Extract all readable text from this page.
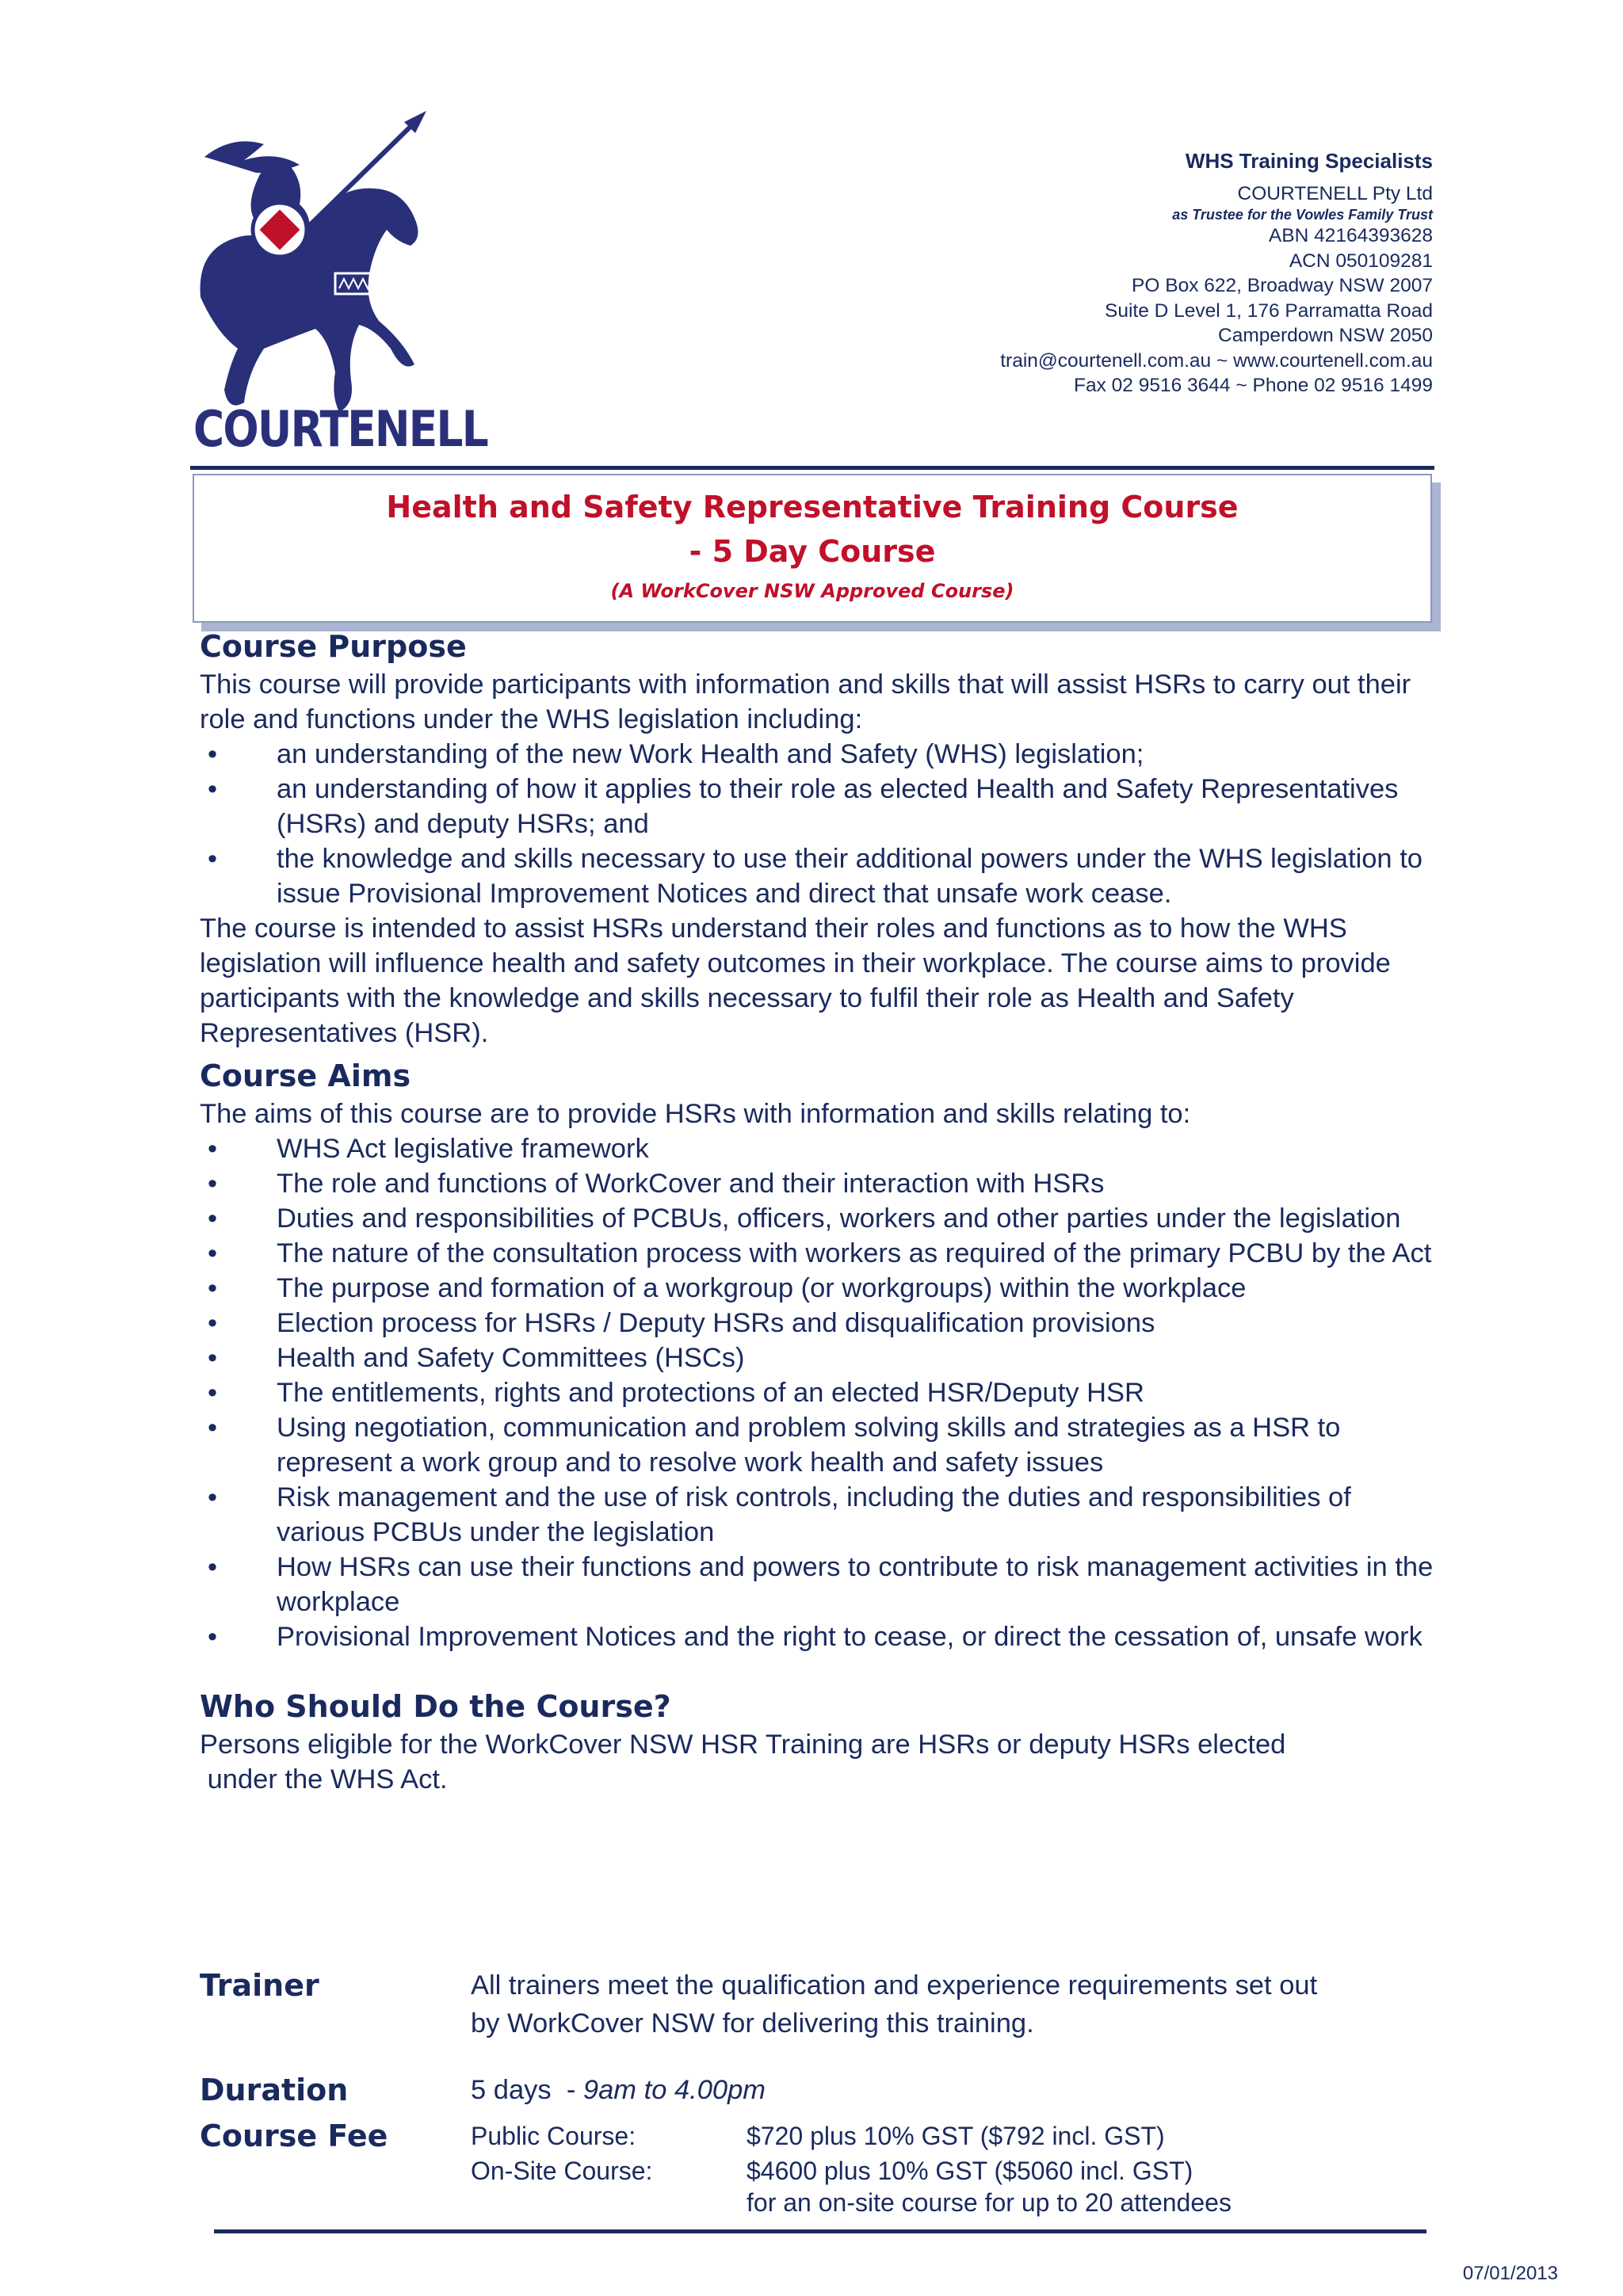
COURTENELL
WHS Training Specialists
COURTENELL Pty Ltd
as Trustee for the Vowles Family Trust
ABN 42164393628
ACN 050109281
PO Box 622, Broadway NSW 2007
Suite D Level 1, 176 Parramatta Road
Camperdown NSW 2050
train@courtenell.com.au ~ www.courtenell.com.au
Fax 02 9516 3644 ~ Phone 02 9516 1499
Health and Safety Representative Training Course
- 5 Day Course
(A WorkCover NSW Approved Course)
Course Purpose

This course will provide participants with information and skills that will assist HSRs to carry out their role and functions under the WHS legislation including:

• an understanding of the new Work Health and Safety (WHS) legislation;
• an understanding of how it applies to their role as elected Health and Safety Representatives (HSRs) and deputy HSRs; and
• the knowledge and skills necessary to use their additional powers under the WHS legislation to issue Provisional Improvement Notices and direct that unsafe work cease.

The course is intended to assist HSRs understand their roles and functions as to how the WHS legislation will influence health and safety outcomes in their workplace. The course aims to provide participants with the knowledge and skills necessary to fulfil their role as Health and Safety Representatives (HSR).

Course Aims

The aims of this course are to provide HSRs with information and skills relating to:

• WHS Act legislative framework
• The role and functions of WorkCover and their interaction with HSRs
• Duties and responsibilities of PCBUs, officers, workers and other parties under the legislation
• The nature of the consultation process with workers as required of the primary PCBU by the Act
• The purpose and formation of a workgroup (or workgroups) within the workplace
• Election process for HSRs / Deputy HSRs and disqualification provisions
• Health and Safety Committees (HSCs)
• The entitlements, rights and protections of an elected HSR/Deputy HSR
• Using negotiation, communication and problem solving skills and strategies as a HSR to represent a work group and to resolve work health and safety issues
• Risk management and the use of risk controls, including the duties and responsibilities of various PCBUs under the legislation
• How HSRs can use their functions and powers to contribute to risk management activities in the workplace
• Provisional Improvement Notices and the right to cease, or direct the cessation of, unsafe work
Who Should Do the Course?

Persons eligible for the WorkCover NSW HSR Training are HSRs or deputy HSRs elected

under the WHS Act.

Trainer	All trainers meet the qualification and experience requirements set out
by WorkCover NSW for delivering this training.
Duration	5 days  - 9am to 4.00pm
Course Fee	Public Course:	$720 plus 10% GST ($792 incl. GST)
On-Site Course:	$4600 plus 10% GST ($5060 incl. GST)
for an on-site course for up to 20 attendees
07/01/2013
